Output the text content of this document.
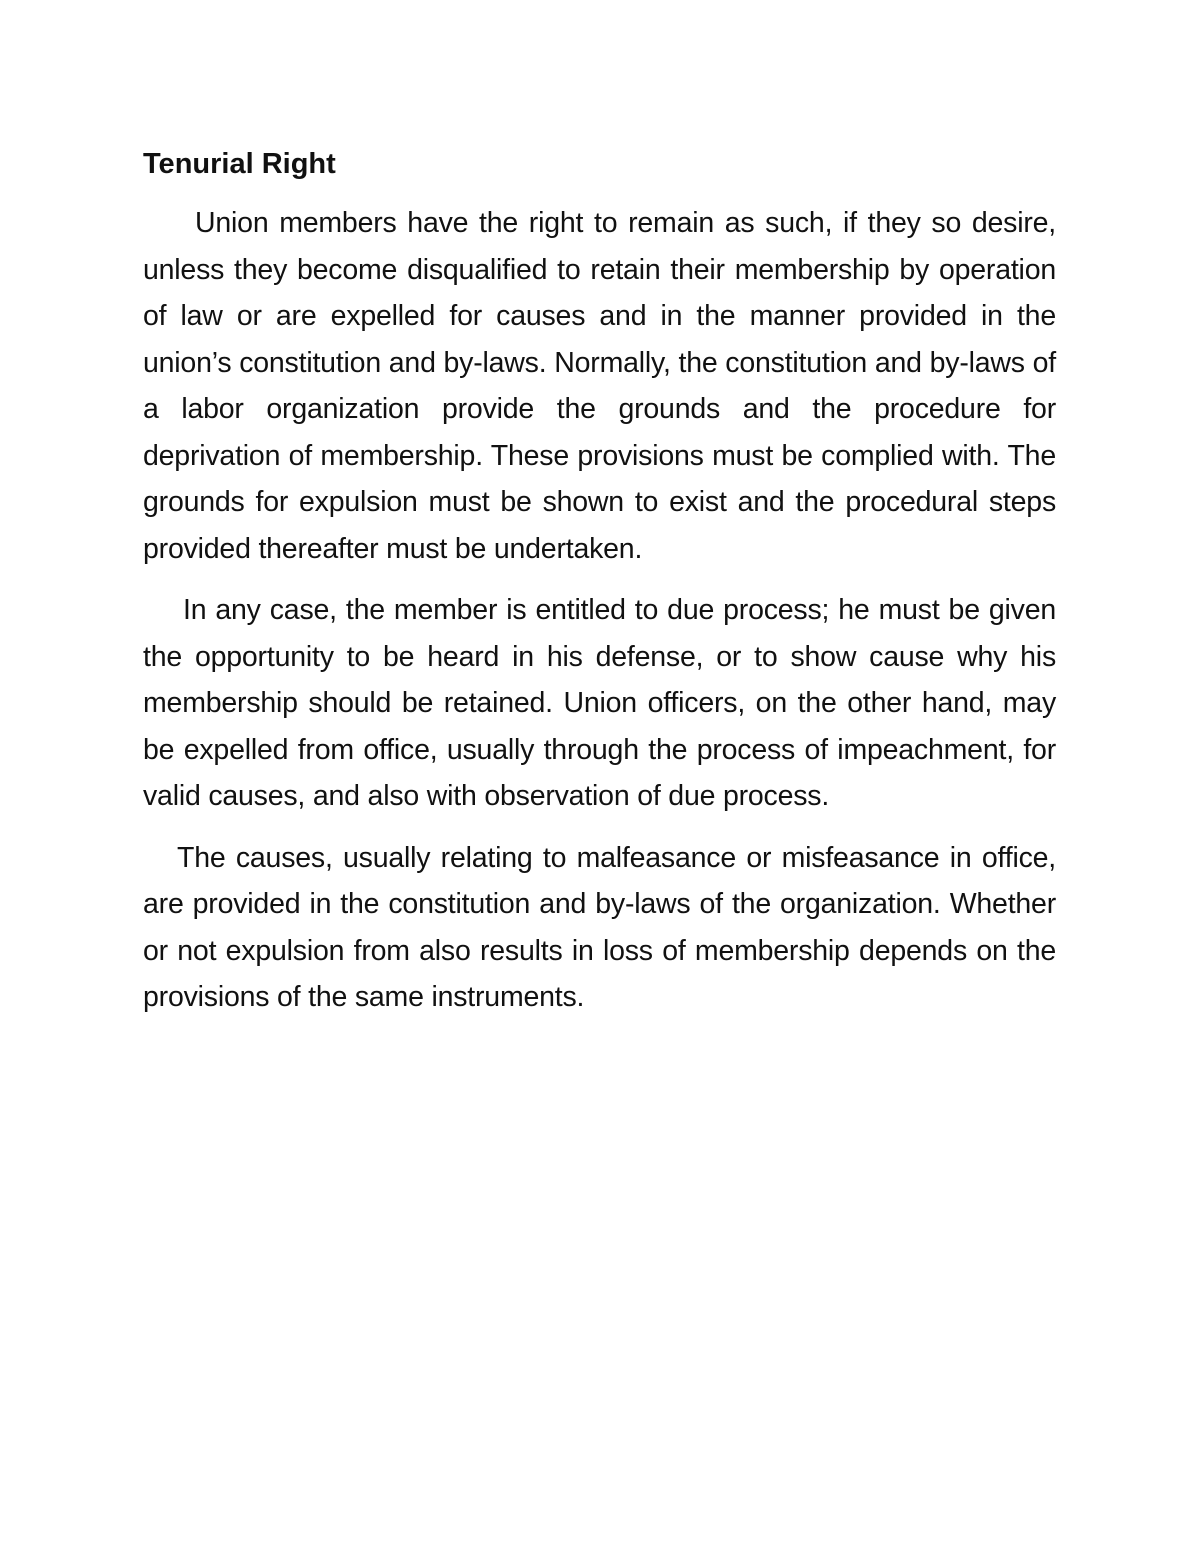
Tenurial Right

Union members have the right to remain as such, if they so desire, unless they become disqualified to retain their membership by operation of law or are expelled for causes and in the manner provided in the union’s constitution and by-laws. Normally, the constitution and by-laws of a labor organization provide the grounds and the procedure for deprivation of membership. These provisions must be complied with. The grounds for expulsion must be shown to exist and the procedural steps provided thereafter must be undertaken.

In any case, the member is entitled to due process; he must be given the opportunity to be heard in his defense, or to show cause why his membership should be retained. Union officers, on the other hand, may be expelled from office, usually through the process of impeachment, for valid causes, and also with observation of due process.

The causes, usually relating to malfeasance or misfeasance in office, are provided in the constitution and by-laws of the organization. Whether or not expulsion from also results in loss of membership depends on the provisions of the same instruments.
